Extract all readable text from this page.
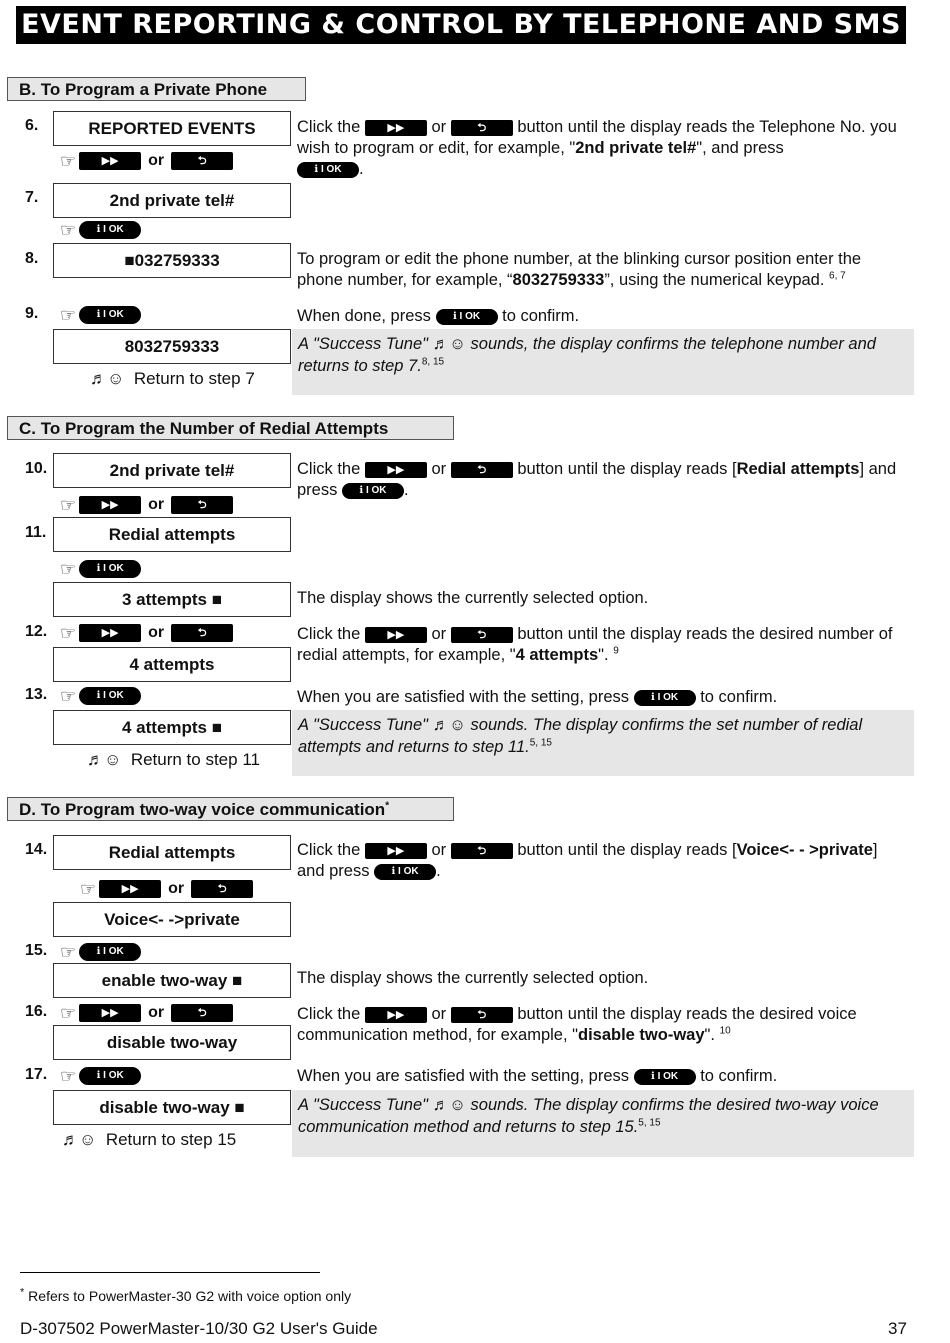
EVENT REPORTING & CONTROL BY TELEPHONE AND SMS
B. To Program a Private Phone
6.	REPORTED EVENTS
☞	▶▶	or	⮌
Click the ▶▶ or	⮌ button until the display reads the Telephone No. you wish to program or edit, for example, "2nd private tel#", and press
ℹ I OK .
7.	2nd private tel#
☞	ℹ I OK
8.	■032759333	To program or edit the phone number, at the blinking cursor position enter the phone number, for example, “8032759333”, using the numerical keypad. $^{6, 7}$
9. ☞	ℹ I OK	When done, press ℹ I OK to confirm.
8032759333	A "Success Tune" ♬☺ sounds, the display confirms the telephone number and returns to step 7.$^{8, 15}$
♬☺ Return to step 7
C. To Program the Number of Redial Attempts
10.	2nd private tel#
☞	▶▶	or	⮌
Click the ▶▶ or	⮌ button until the display reads [Redial attempts] and press ℹ I OK .
11.	Redial attempts
☞	ℹ I OK
3 attempts ■	The display shows the currently selected option.
12. ☞	▶▶	or	⮌	Click the ▶▶ or	⮌ button until the display reads the desired number of redial attempts, for example, "4 attempts". $^9$
4 attempts
13. ☞	ℹ I OK	When you are satisfied with the setting, press ℹ I OK to confirm.
4 attempts ■	A "Success Tune" ♬☺ sounds. The display confirms the set number of redial attempts and returns to step 11.$^{5, 15}$
♬☺ Return to step 11
D. To Program two-way voice communication*
14.	Redial attempts
☞	▶▶	or	⮌
Click the ▶▶ or	⮌ button until the display reads [Voice<- - >private] and press ℹ I OK .
Voice<- ->private
15. ☞	ℹ I OK
enable two-way ■	The display shows the currently selected option.
16. ☞	▶▶	or	⮌	Click the ▶▶ or	⮌ button until the display reads the desired voice communication method, for example, "disable two-way". $^{10}$
disable two-way
17. ☞	ℹ I OK	When you are satisfied with the setting, press ℹ I OK to confirm.
disable two-way ■	A "Success Tune" ♬☺ sounds. The display confirms the desired two-way voice communication method and returns to step 15.$^{5, 15}$
♬☺ Return to step 15
* Refers to PowerMaster-30 G2 with voice option only
D-307502 PowerMaster-10/30 G2 User's Guide	37
